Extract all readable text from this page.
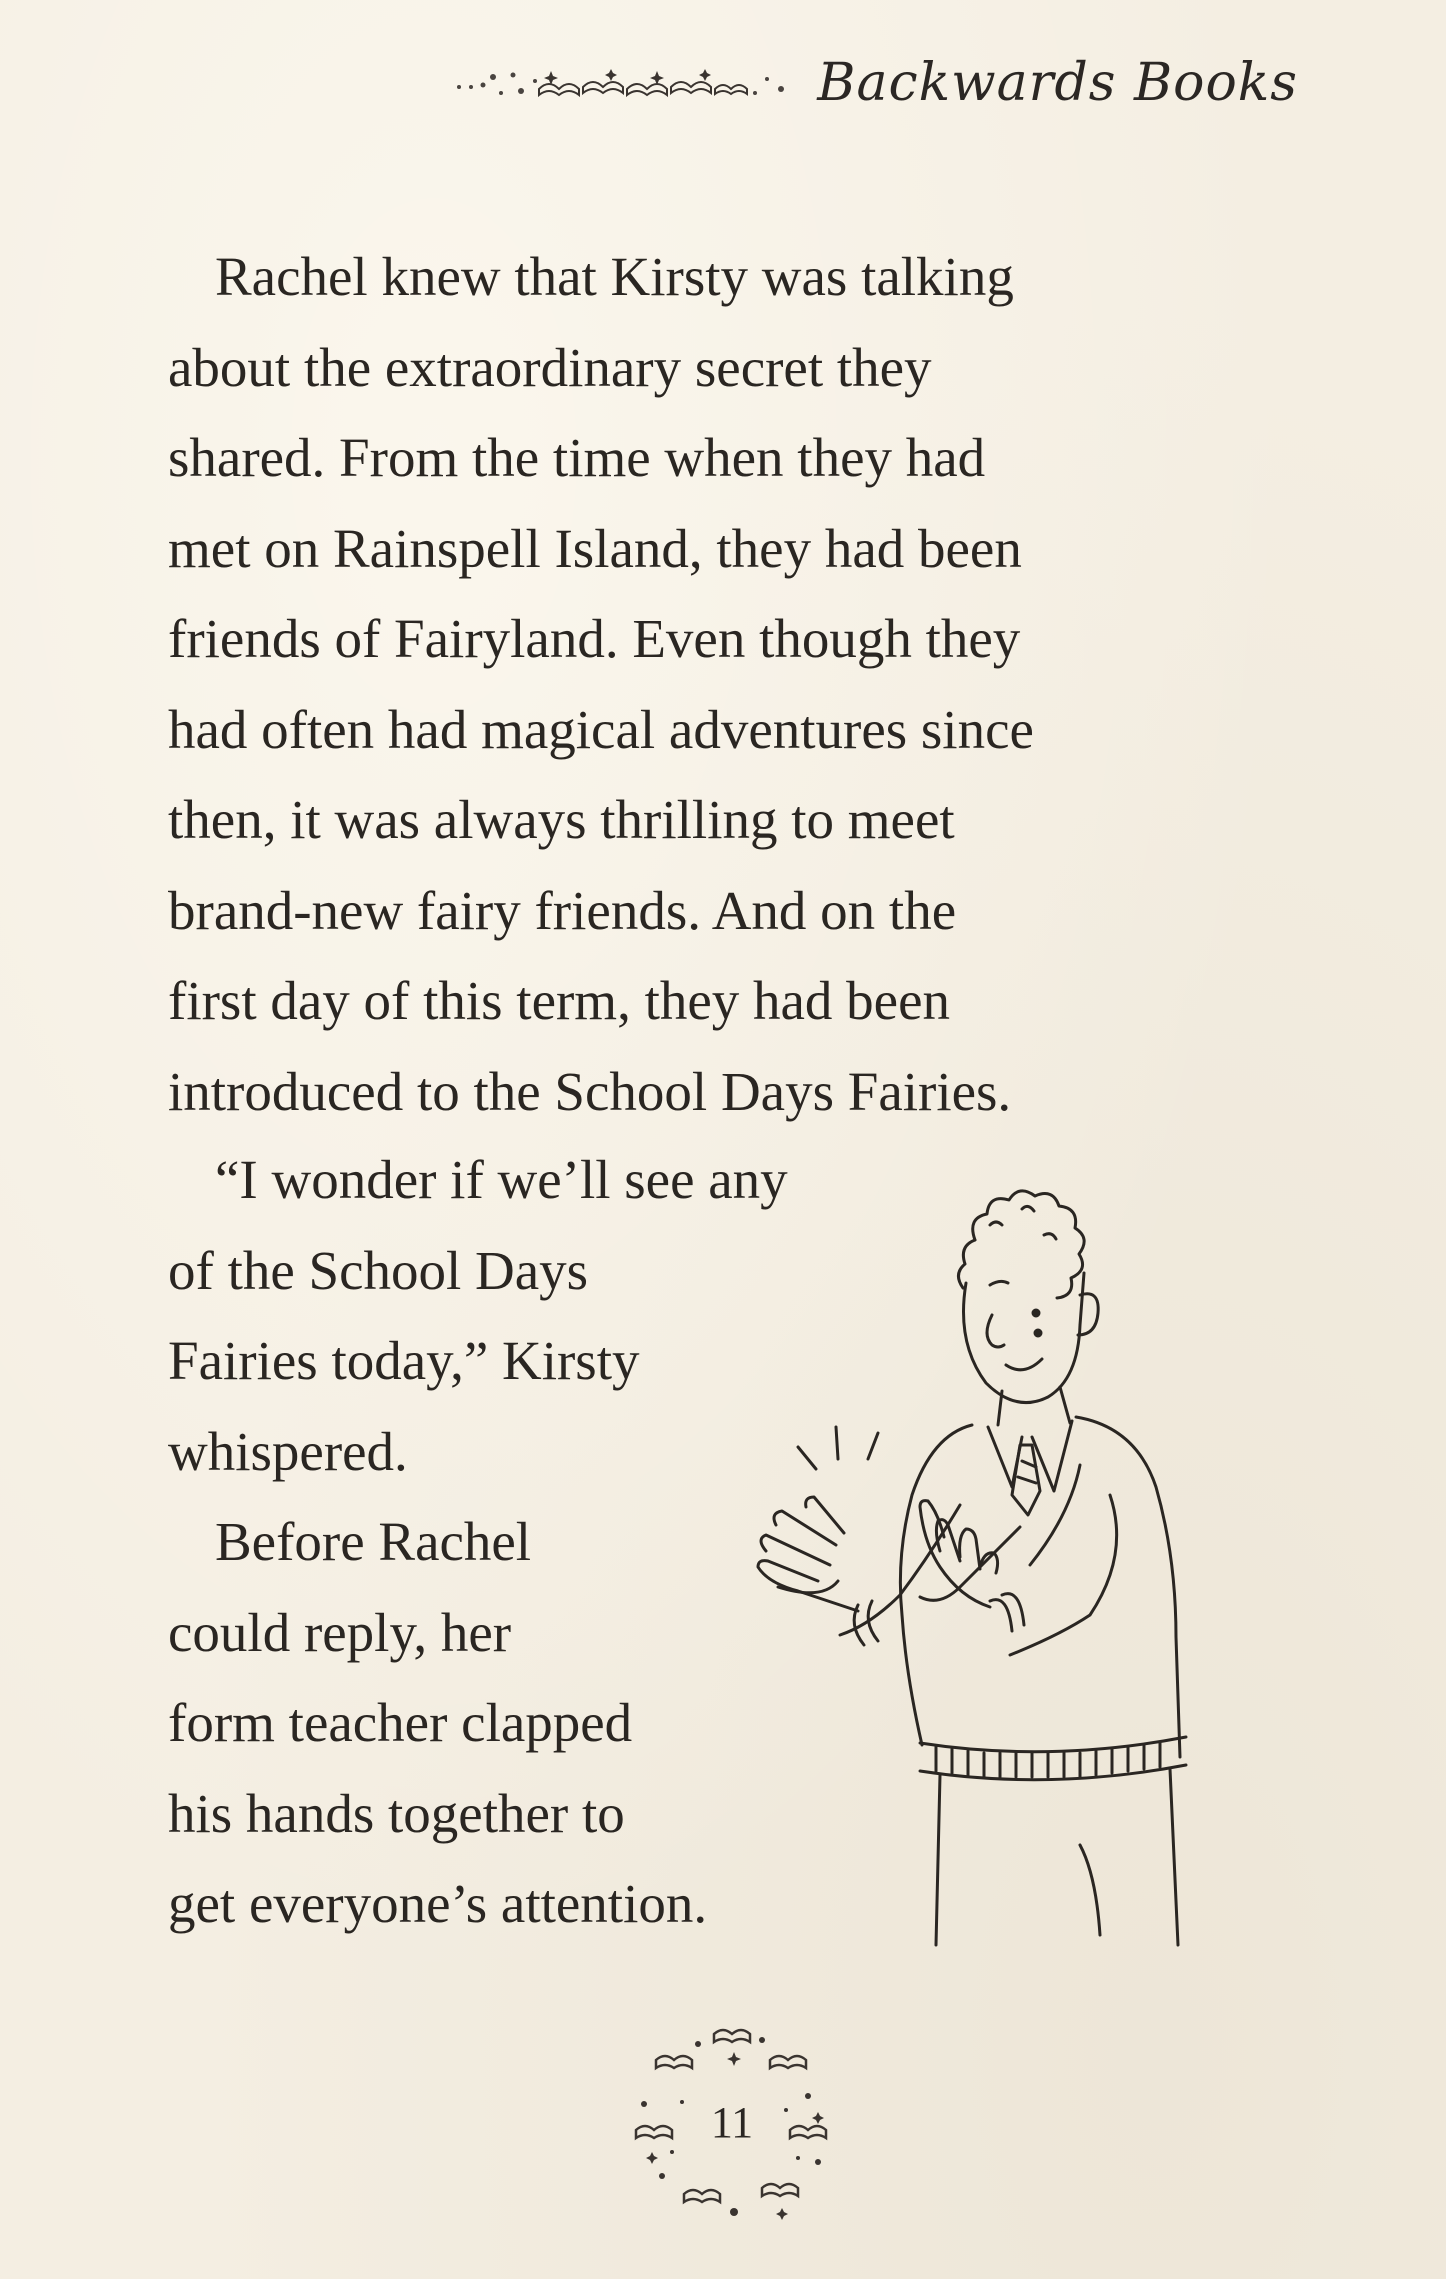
Backwards Books
Rachel knew that Kirsty was talking
about the extraordinary secret they
shared. From the time when they had
met on Rainspell Island, they had been
friends of Fairyland. Even though they
had often had magical adventures since
then, it was always thrilling to meet
brand-new fairy friends. And on the
first day of this term, they had been
introduced to the School Days Fairies.
“I wonder if we’ll see any
of the School Days
Fairies today,” Kirsty
whispered.
Before Rachel
could reply, her
form teacher clapped
his hands together to
get everyone’s attention.
11
